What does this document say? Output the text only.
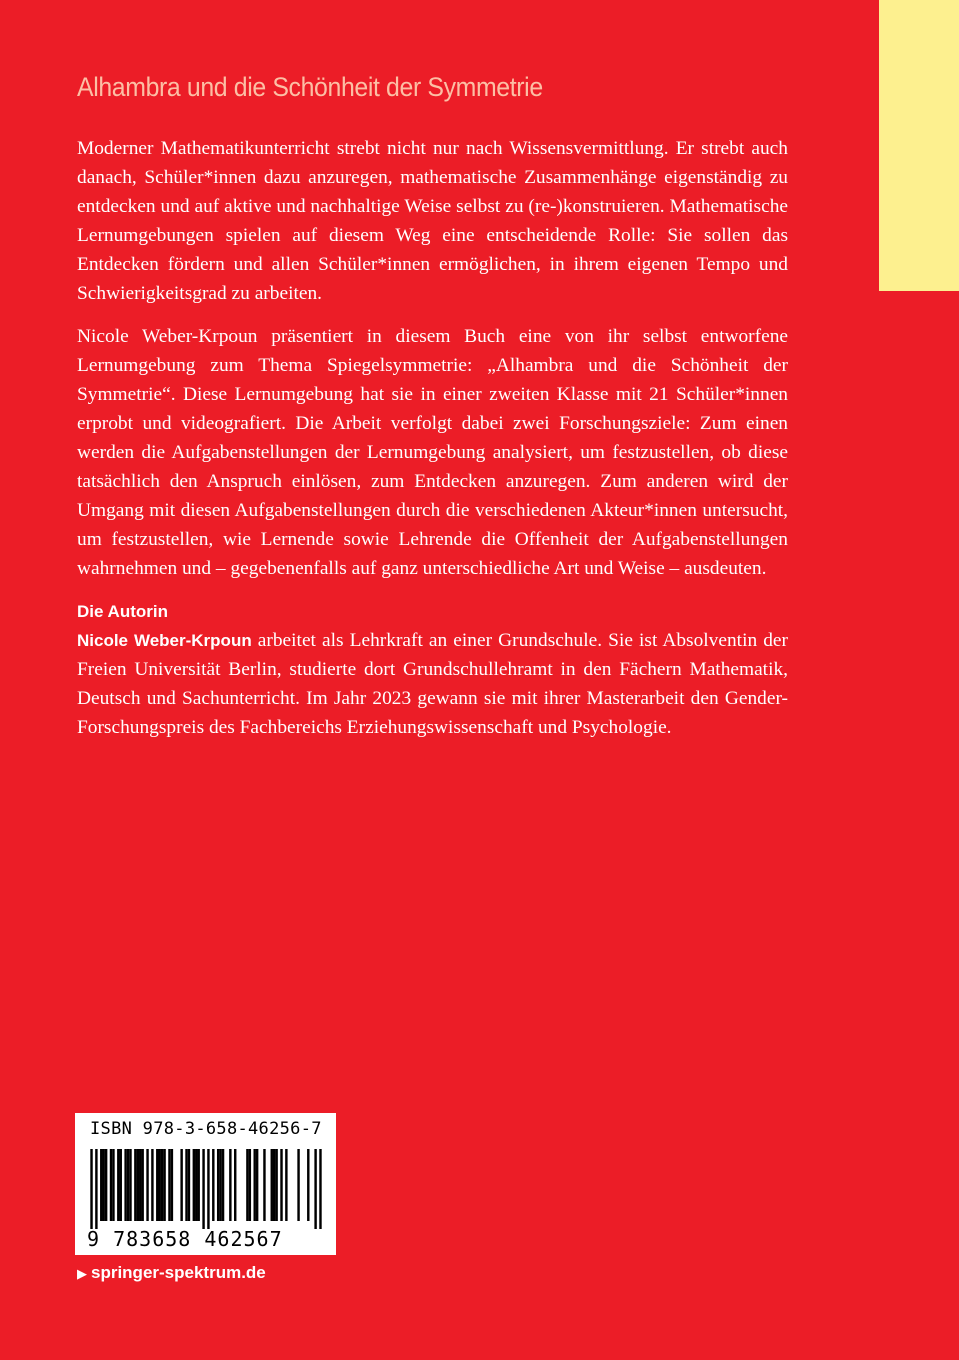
Alhambra und die Schönheit der Symmetrie

Moderner Mathematikunterricht strebt nicht nur nach Wissensvermittlung. Er strebt auch danach, Schüler*innen dazu anzuregen, mathematische Zusammenhänge eigenständig zu entdecken und auf aktive und nachhaltige Weise selbst zu (re-)konstruieren. Mathematische Lernumgebungen spielen auf diesem Weg eine entscheidende Rolle: Sie sollen das Entdecken fördern und allen Schüler*innen ermöglichen, in ihrem eigenen Tempo und Schwierigkeitsgrad zu arbeiten.

Nicole Weber-Krpoun präsentiert in diesem Buch eine von ihr selbst entworfene Lernumgebung zum Thema Spiegelsymmetrie: „Alhambra und die Schönheit der Symmetrie“. Diese Lernumgebung hat sie in einer zweiten Klasse mit 21 Schüler*innen erprobt und videografiert. Die Arbeit verfolgt dabei zwei Forschungsziele: Zum einen werden die Aufgabenstellungen der Lernumgebung analysiert, um festzustellen, ob diese tatsächlich den Anspruch einlösen, zum Entdecken anzuregen. Zum anderen wird der Umgang mit diesen Aufgabenstellungen durch die verschiedenen Akteur*innen untersucht, um festzustellen, wie Lernende sowie Lehrende die Offenheit der Aufgabenstellungen wahrnehmen und – gegebenenfalls auf ganz unterschiedliche Art und Weise – ausdeuten.

Die Autorin

Nicole Weber-Krpoun arbeitet als Lehrkraft an einer Grundschule. Sie ist Absolventin der Freien Universität Berlin, studierte dort Grundschullehramt in den Fächern Mathematik, Deutsch und Sachunterricht. Im Jahr 2023 gewann sie mit ihrer Masterarbeit den Gender-Forschungspreis des Fachbereichs Erziehungswissenschaft und Psychologie.

ISBN 978-3-658-46256-7
9 783658 462567
▶ springer-spektrum.de
